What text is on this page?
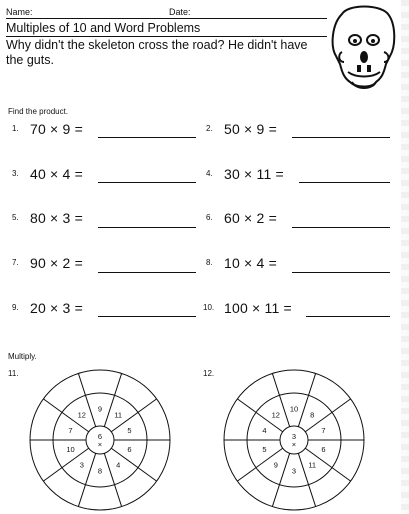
Name:	Date:
Multiples of 10 and Word Problems
Why didn't the skeleton cross the road? He didn't have the guts.
Find the product.
1. 70 × 9 =	2. 50 × 9 =
3. 40 × 4 =	4. 30 × 11 =
5. 80 × 3 =	6. 60 × 2 =
7. 90 × 2 =	8. 10 × 4 =
9. 20 × 3 =	10. 100 × 11 =
Multiply.
11.	12.
9
11
5
6
4
8
3
10
7
12
6
×
10
8
7
6
11
3
9
5
4
12
3
×
